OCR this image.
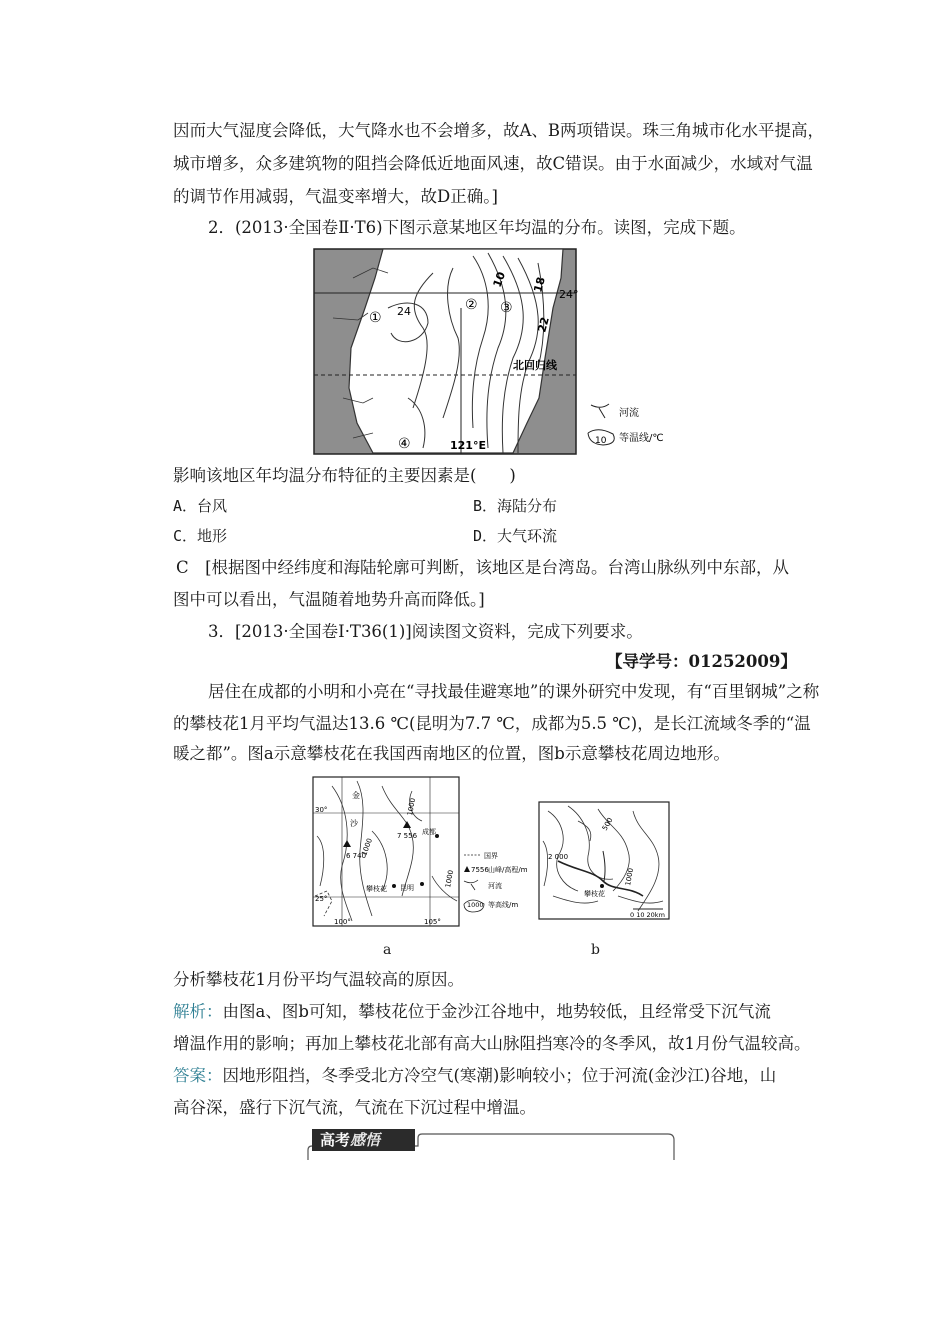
因而大气湿度会降低，大气降水也不会增多，故A、B两项错误。珠三角城市化水平提高，
城市增多，众多建筑物的阻挡会降低近地面风速，故C错误。由于水面减少，水域对气温
的调节作用减弱，气温变率增大，故D正确。]
2．(2013·全国卷Ⅱ·T6)下图示意某地区年均温的分布。读图，完成下题。
10 18
22
24°
24
①
② ③
④
北回归线
121°E
河流
10 等温线/℃
影响该地区年均温分布特征的主要因素是(　　)
A．台风	B．海陆分布
C．地形	D．大气环流
C　[根据图中经纬度和海陆轮廓可判断，该地区是台湾岛。台湾山脉纵列中东部，从
图中可以看出，气温随着地势升高而降低。]
3．[2013·全国卷Ⅰ·T36(1)]阅读图文资料，完成下列要求。
【导学号：01252009】
居住在成都的小明和小亮在“寻找最佳避寒地”的课外研究中发现，有“百里钢城”之称
的攀枝花1月平均气温达13.6 ℃(昆明为7.7 ℃，成都为5.5 ℃)，是长江流域冬季的“温
暖之都”。图a示意攀枝花在我国西南地区的位置，图b示意攀枝花周边地形。
金
沙
30°
7 556 成都
1000
6 740
攀枝花 昆明
25°
100°	105°
1000
1000
国界
7556 山峰/高程/m
河流
1000 等高线/m
500
2 000
1000
攀枝花
0 10 20km
a	b
分析攀枝花1月份平均气温较高的原因。
解析：由图a、图b可知，攀枝花位于金沙江谷地中，地势较低，且经常受下沉气流
增温作用的影响；再加上攀枝花北部有高大山脉阻挡寒冷的冬季风，故1月份气温较高。
答案：因地形阻挡，冬季受北方冷空气(寒潮)影响较小；位于河流(金沙江)谷地，山
高谷深，盛行下沉气流，气流在下沉过程中增温。
高考感悟
